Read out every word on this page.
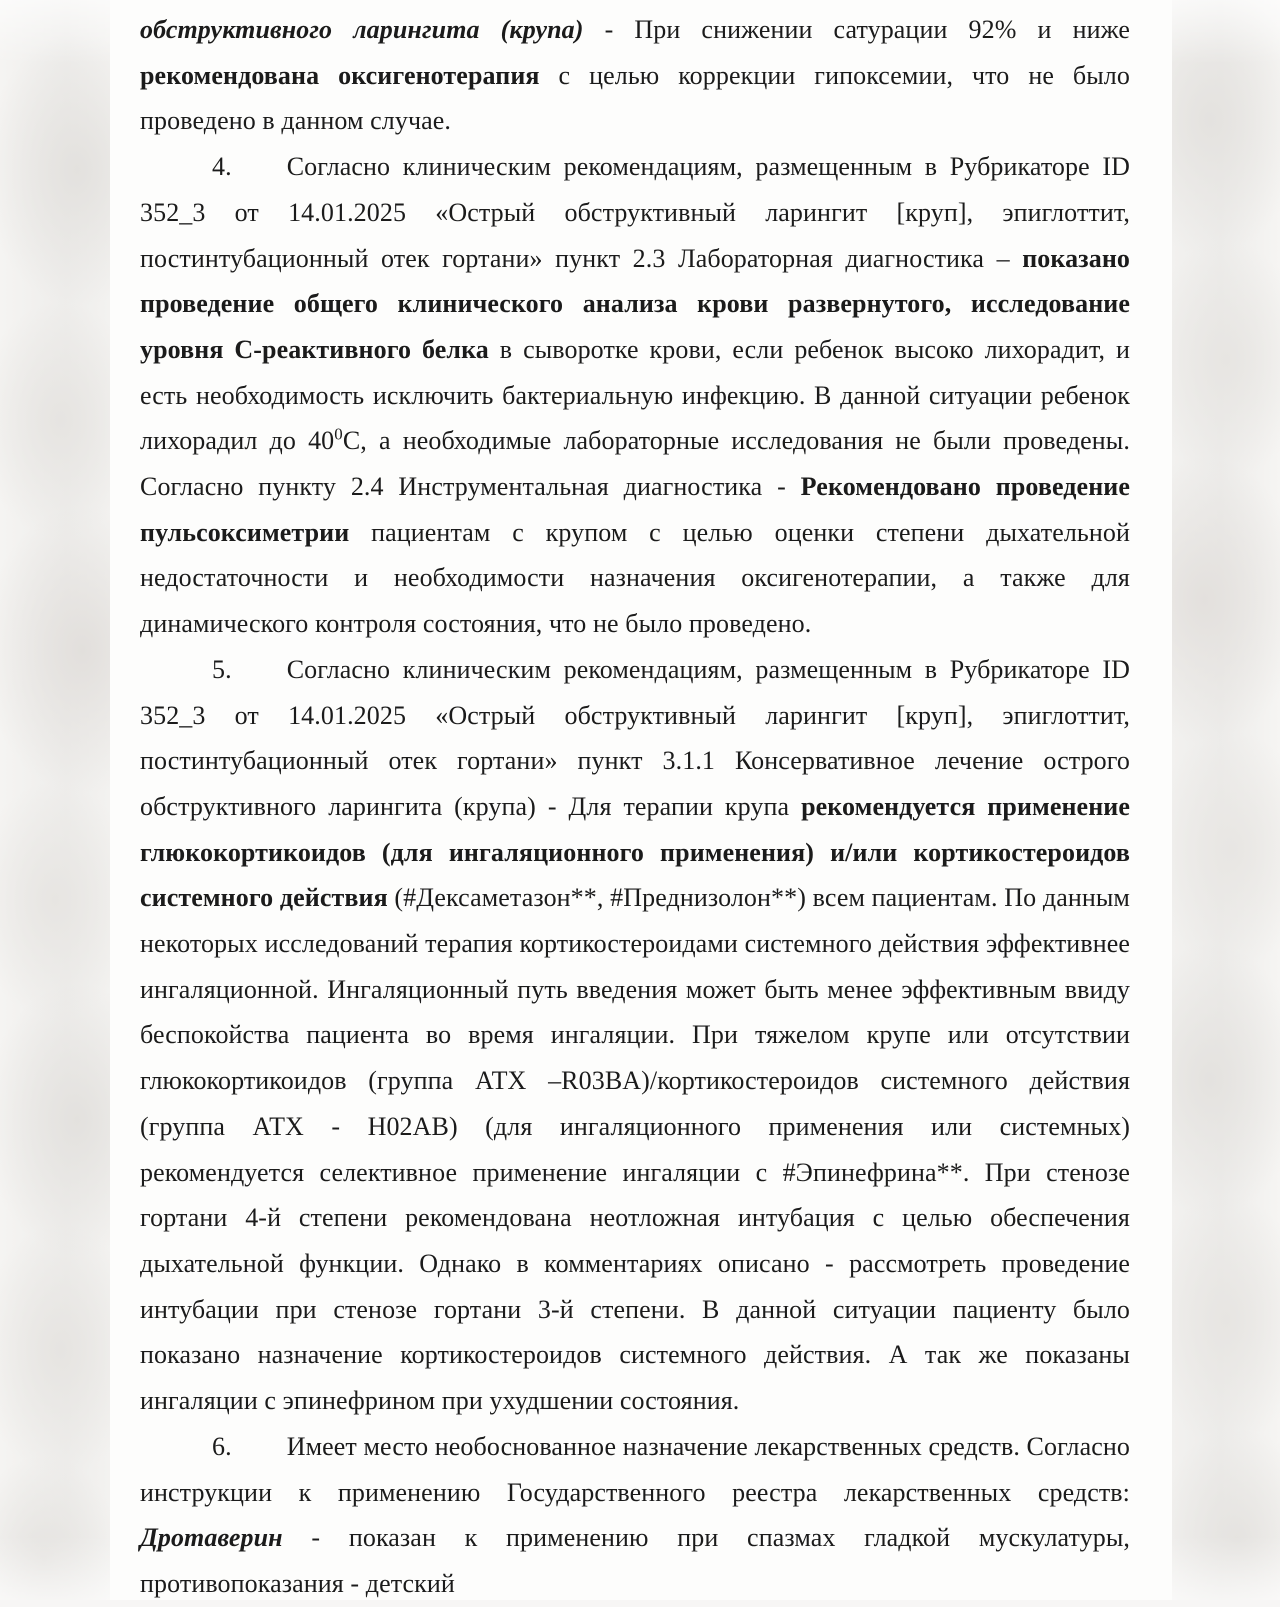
обструктивного ларингита (крупа) - При снижении сатурации 92% и ниже рекомендована оксигенотерапия с целью коррекции гипоксемии, что не было проведено в данном случае.

4. Согласно клиническим рекомендациям, размещенным в Рубрикаторе ID 352_3 от 14.01.2025 «Острый обструктивный ларингит [круп], эпиглоттит, постинтубационный отек гортани» пункт 2.3 Лабораторная диагностика – показано проведение общего клинического анализа крови развернутого, исследование уровня С-реактивного белка в сыворотке крови, если ребенок высоко лихорадит, и есть необходимость исключить бактериальную инфекцию. В данной ситуации ребенок лихорадил до $40^0С$, а необходимые лабораторные исследования не были проведены. Согласно пункту 2.4 Инструментальная диагностика - Рекомендовано проведение пульсоксиметрии пациентам с крупом с целью оценки степени дыхательной недостаточности и необходимости назначения оксигенотерапии, а также для динамического контроля состояния, что не было проведено.

5. Согласно клиническим рекомендациям, размещенным в Рубрикаторе ID 352_3 от 14.01.2025 «Острый обструктивный ларингит [круп], эпиглоттит, постинтубационный отек гортани» пункт 3.1.1 Консервативное лечение острого обструктивного ларингита (крупа) - Для терапии крупа рекомендуется применение глюкокортикоидов (для ингаляционного применения) и/или кортикостероидов системного действия (#Дексаметазон**, #Преднизолон**) всем пациентам. По данным некоторых исследований терапия кортикостероидами системного действия эффективнее ингаляционной. Ингаляционный путь введения может быть менее эффективным ввиду беспокойства пациента во время ингаляции. При тяжелом крупе или отсутствии глюкокортикоидов (группа АТХ –R03BA)/кортикостероидов системного действия (группа АТХ - Н02АВ) (для ингаляционного применения или системных) рекомендуется селективное применение ингаляции с #Эпинефрина**. При стенозе гортани 4-й степени рекомендована неотложная интубация с целью обеспечения дыхательной функции. Однако в комментариях описано - рассмотреть проведение интубации при стенозе гортани 3-й степени. В данной ситуации пациенту было показано назначение кортикостероидов системного действия. А так же показаны ингаляции с эпинефрином при ухудшении состояния.

6. Имеет место необоснованное назначение лекарственных средств. Согласно инструкции к применению Государственного реестра лекарственных средств: Дротаверин - показан к применению при спазмах гладкой мускулатуры, противопоказания - детский
